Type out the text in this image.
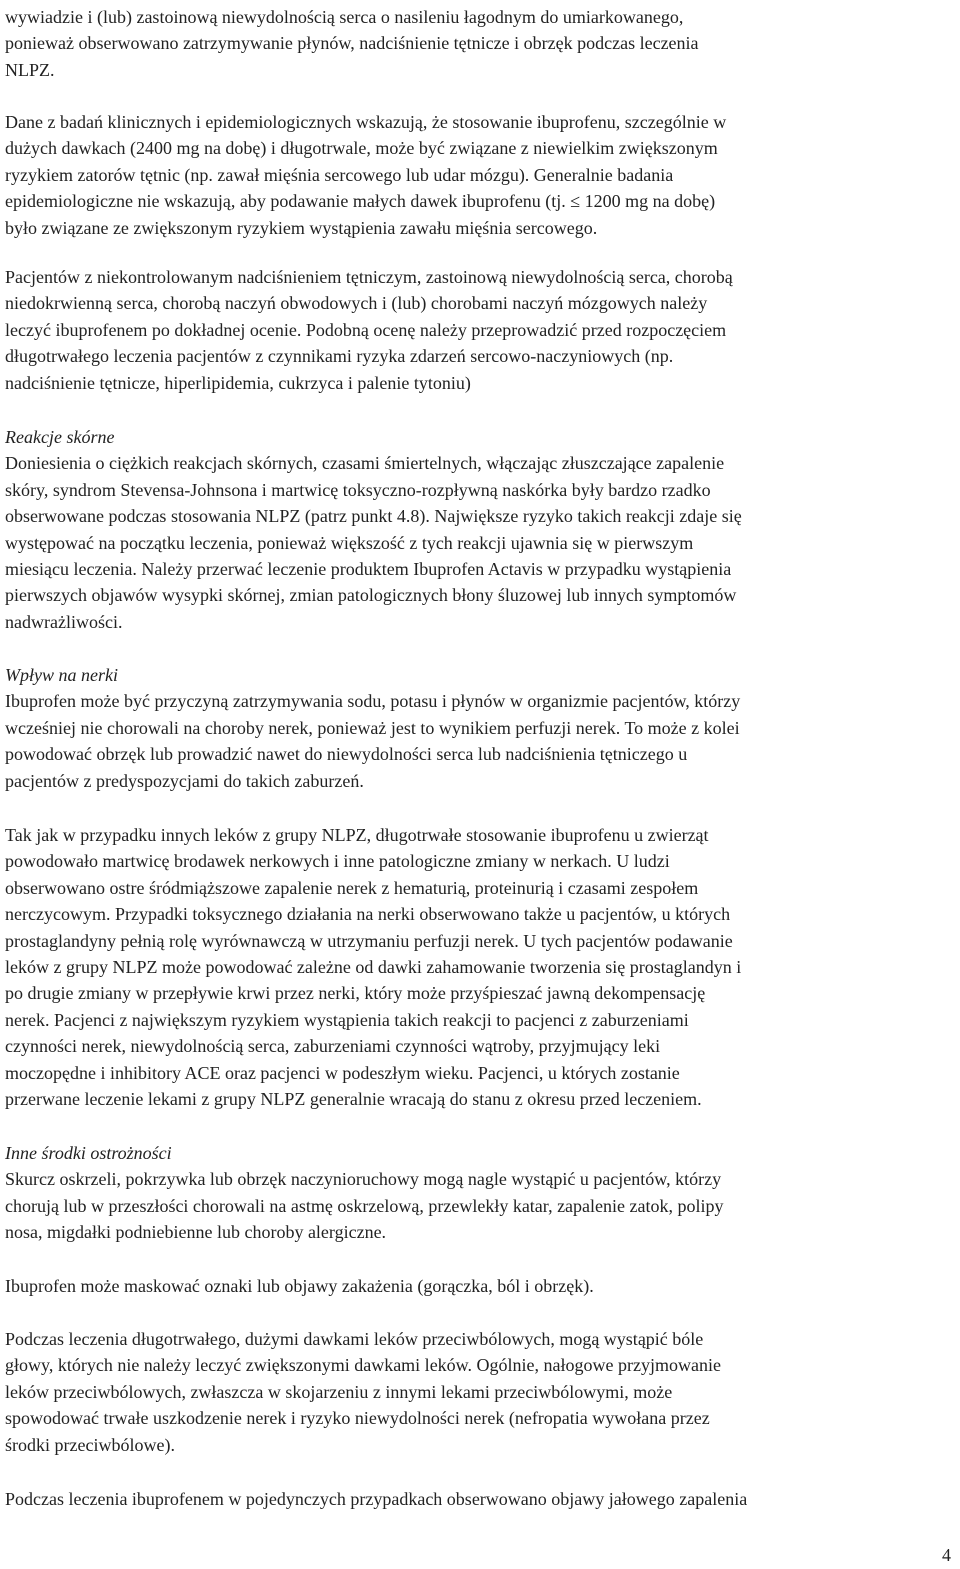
wywiadzie i (lub) zastoinową niewydolnością serca o nasileniu łagodnym do umiarkowanego,

ponieważ obserwowano zatrzymywanie płynów, nadciśnienie tętnicze i obrzęk podczas leczenia

NLPZ.

Dane z badań klinicznych i epidemiologicznych wskazują, że stosowanie ibuprofenu, szczególnie w

dużych dawkach (2400 mg na dobę) i długotrwale, może być związane z niewielkim zwiększonym

ryzykiem zatorów tętnic (np. zawał mięśnia sercowego lub udar mózgu). Generalnie badania

epidemiologiczne nie wskazują, aby podawanie małych dawek ibuprofenu (tj. ≤ 1200 mg na dobę)

było związane ze zwiększonym ryzykiem wystąpienia zawału mięśnia sercowego.

Pacjentów z niekontrolowanym nadciśnieniem tętniczym, zastoinową niewydolnością serca, chorobą

niedokrwienną serca, chorobą naczyń obwodowych i (lub) chorobami naczyń mózgowych należy

leczyć ibuprofenem po dokładnej ocenie. Podobną ocenę należy przeprowadzić przed rozpoczęciem

długotrwałego leczenia pacjentów z czynnikami ryzyka zdarzeń sercowo-naczyniowych (np.

nadciśnienie tętnicze, hiperlipidemia, cukrzyca i palenie tytoniu)

Reakcje skórne

Doniesienia o ciężkich reakcjach skórnych, czasami śmiertelnych, włączając złuszczające zapalenie

skóry, syndrom Stevensa-Johnsona i martwicę toksyczno-rozpływną naskórka były bardzo rzadko

obserwowane podczas stosowania NLPZ (patrz punkt 4.8). Największe ryzyko takich reakcji zdaje się

występować na początku leczenia, ponieważ większość z tych reakcji ujawnia się w pierwszym

miesiącu leczenia. Należy przerwać leczenie produktem Ibuprofen Actavis w przypadku wystąpienia

pierwszych objawów wysypki skórnej, zmian patologicznych błony śluzowej lub innych symptomów

nadwrażliwości.

Wpływ na nerki

Ibuprofen może być przyczyną zatrzymywania sodu, potasu i płynów w organizmie pacjentów, którzy

wcześniej nie chorowali na choroby nerek, ponieważ jest to wynikiem perfuzji nerek. To może z kolei

powodować obrzęk lub prowadzić nawet do niewydolności serca lub nadciśnienia tętniczego u

pacjentów z predyspozycjami do takich zaburzeń.

Tak jak w przypadku innych leków z grupy NLPZ, długotrwałe stosowanie ibuprofenu u zwierząt

powodowało martwicę brodawek nerkowych i inne patologiczne zmiany w nerkach. U ludzi

obserwowano ostre śródmiąższowe zapalenie nerek z hematurią, proteinurią i czasami zespołem

nerczycowym. Przypadki toksycznego działania na nerki obserwowano także u pacjentów, u których

prostaglandyny pełnią rolę wyrównawczą w utrzymaniu perfuzji nerek. U tych pacjentów podawanie

leków z grupy NLPZ może powodować zależne od dawki zahamowanie tworzenia się prostaglandyn i

po drugie zmiany w przepływie krwi przez nerki, który może przyśpieszać jawną dekompensację

nerek. Pacjenci z największym ryzykiem wystąpienia takich reakcji to pacjenci z zaburzeniami

czynności nerek, niewydolnością serca, zaburzeniami czynności wątroby, przyjmujący leki

moczopędne i inhibitory ACE oraz pacjenci w podeszłym wieku. Pacjenci, u których zostanie

przerwane leczenie lekami z grupy NLPZ generalnie wracają do stanu z okresu przed leczeniem.

Inne środki ostrożności

Skurcz oskrzeli, pokrzywka lub obrzęk naczynioruchowy mogą nagle wystąpić u pacjentów, którzy

chorują lub w przeszłości chorowali na astmę oskrzelową, przewlekły katar, zapalenie zatok, polipy

nosa, migdałki podniebienne lub choroby alergiczne.

Ibuprofen może maskować oznaki lub objawy zakażenia (gorączka, ból i obrzęk).

Podczas leczenia długotrwałego, dużymi dawkami leków przeciwbólowych, mogą wystąpić bóle

głowy, których nie należy leczyć zwiększonymi dawkami leków. Ogólnie, nałogowe przyjmowanie

leków przeciwbólowych, zwłaszcza w skojarzeniu z innymi lekami przeciwbólowymi, może

spowodować trwałe uszkodzenie nerek i ryzyko niewydolności nerek (nefropatia wywołana przez

środki przeciwbólowe).

Podczas leczenia ibuprofenem w pojedynczych przypadkach obserwowano objawy jałowego zapalenia

4
